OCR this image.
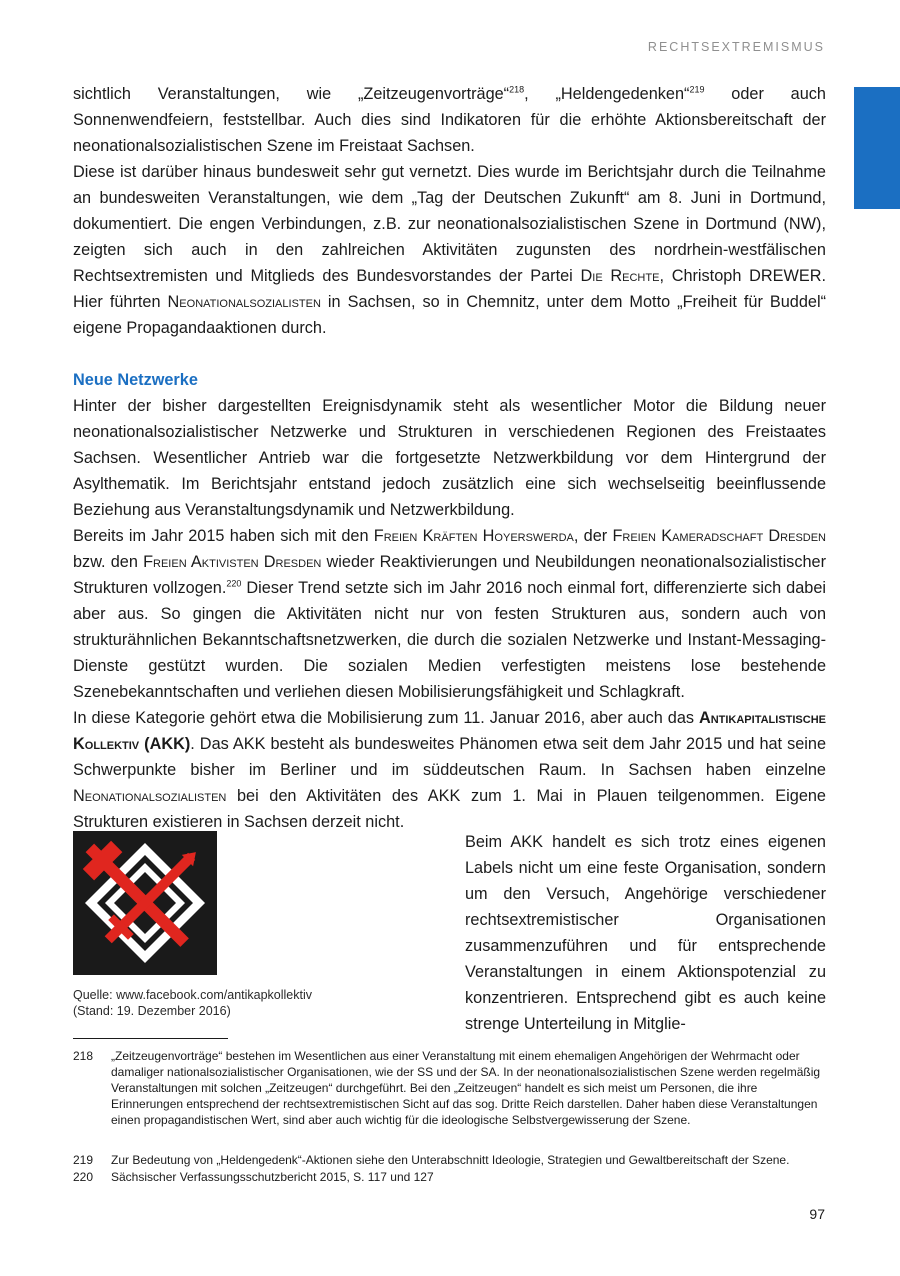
RECHTSEXTREMISMUS

sichtlich Veranstaltungen, wie „Zeitzeugenvorträge“$^{218}$, „Heldengedenken“$^{219}$ oder auch Sonnenwendfeiern, feststellbar. Auch dies sind Indikatoren für die erhöhte Aktionsbereitschaft der neonationalsozialistischen Szene im Freistaat Sachsen.

Diese ist darüber hinaus bundesweit sehr gut vernetzt. Dies wurde im Berichtsjahr durch die Teilnahme an bundesweiten Veranstaltungen, wie dem „Tag der Deutschen Zukunft“ am 8. Juni in Dortmund, dokumentiert. Die engen Verbindungen, z.B. zur neonationalsozialistischen Szene in Dortmund (NW), zeigten sich auch in den zahlreichen Aktivitäten zugunsten des nordrhein-westfälischen Rechtsextremisten und Mitglieds des Bundesvorstandes der Partei Die Rechte, Christoph DREWER. Hier führten Neonationalsozialisten in Sachsen, so in Chemnitz, unter dem Motto „Freiheit für Buddel“ eigene Propagandaaktionen durch.

Neue Netzwerke

Hinter der bisher dargestellten Ereignisdynamik steht als wesentlicher Motor die Bildung neuer neonationalsozialistischer Netzwerke und Strukturen in verschiedenen Regionen des Freistaates Sachsen. Wesentlicher Antrieb war die fortgesetzte Netzwerkbildung vor dem Hintergrund der Asylthematik. Im Berichtsjahr entstand jedoch zusätzlich eine sich wechselseitig beeinflussende Beziehung aus Veranstaltungsdynamik und Netzwerkbildung.

Bereits im Jahr 2015 haben sich mit den Freien Kräften Hoyerswerda, der Freien Kameradschaft Dresden bzw. den Freien Aktivisten Dresden wieder Reaktivierungen und Neubildungen neonationalsozialistischer Strukturen vollzogen.$^{220}$ Dieser Trend setzte sich im Jahr 2016 noch einmal fort, differenzierte sich dabei aber aus. So gingen die Aktivitäten nicht nur von festen Strukturen aus, sondern auch von strukturähnlichen Bekanntschaftsnetzwerken, die durch die sozialen Netzwerke und Instant-Messaging-Dienste gestützt wurden. Die sozialen Medien verfestigten meistens lose bestehende Szenebekanntschaften und verliehen diesen Mobilisierungsfähigkeit und Schlagkraft.

In diese Kategorie gehört etwa die Mobilisierung zum 11. Januar 2016, aber auch das Antikapitalistische Kollektiv (AKK). Das AKK besteht als bundesweites Phänomen etwa seit dem Jahr 2015 und hat seine Schwerpunkte bisher im Berliner und im süddeutschen Raum. In Sachsen haben einzelne Neonationalsozialisten bei den Aktivitäten des AKK zum 1. Mai in Plauen teilgenommen. Eigene Strukturen existieren in Sachsen derzeit nicht.

Quelle: www.facebook.com/antikapkollektiv
(Stand: 19. Dezember 2016)

Beim AKK handelt es sich trotz eines eigenen Labels nicht um eine feste Organisation, sondern um den Versuch, Angehörige verschiedener rechtsextremistischer Organisationen zusammenzuführen und für entsprechende Veranstaltungen in einem Aktionspotenzial zu konzentrieren. Entsprechend gibt es auch keine strenge Unterteilung in Mitglie-

218 „Zeitzeugenvorträge“ bestehen im Wesentlichen aus einer Veranstaltung mit einem ehemaligen Angehörigen der Wehrmacht oder damaliger nationalsozialistischer Organisationen, wie der SS und der SA. In der neonationalsozialistischen Szene werden regelmäßig Veranstaltungen mit solchen „Zeitzeugen“ durchgeführt. Bei den „Zeitzeugen“ handelt es sich meist um Personen, die ihre Erinnerungen entsprechend der rechtsextremistischen Sicht auf das sog. Dritte Reich darstellen. Daher haben diese Veranstaltungen einen propagandistischen Wert, sind aber auch wichtig für die ideologische Selbstvergewisserung der Szene.
219 Zur Bedeutung von „Heldengedenk“-Aktionen siehe den Unterabschnitt Ideologie, Strategien und Gewaltbereitschaft der Szene.
220 Sächsischer Verfassungsschutzbericht 2015, S. 117 und 127
97
